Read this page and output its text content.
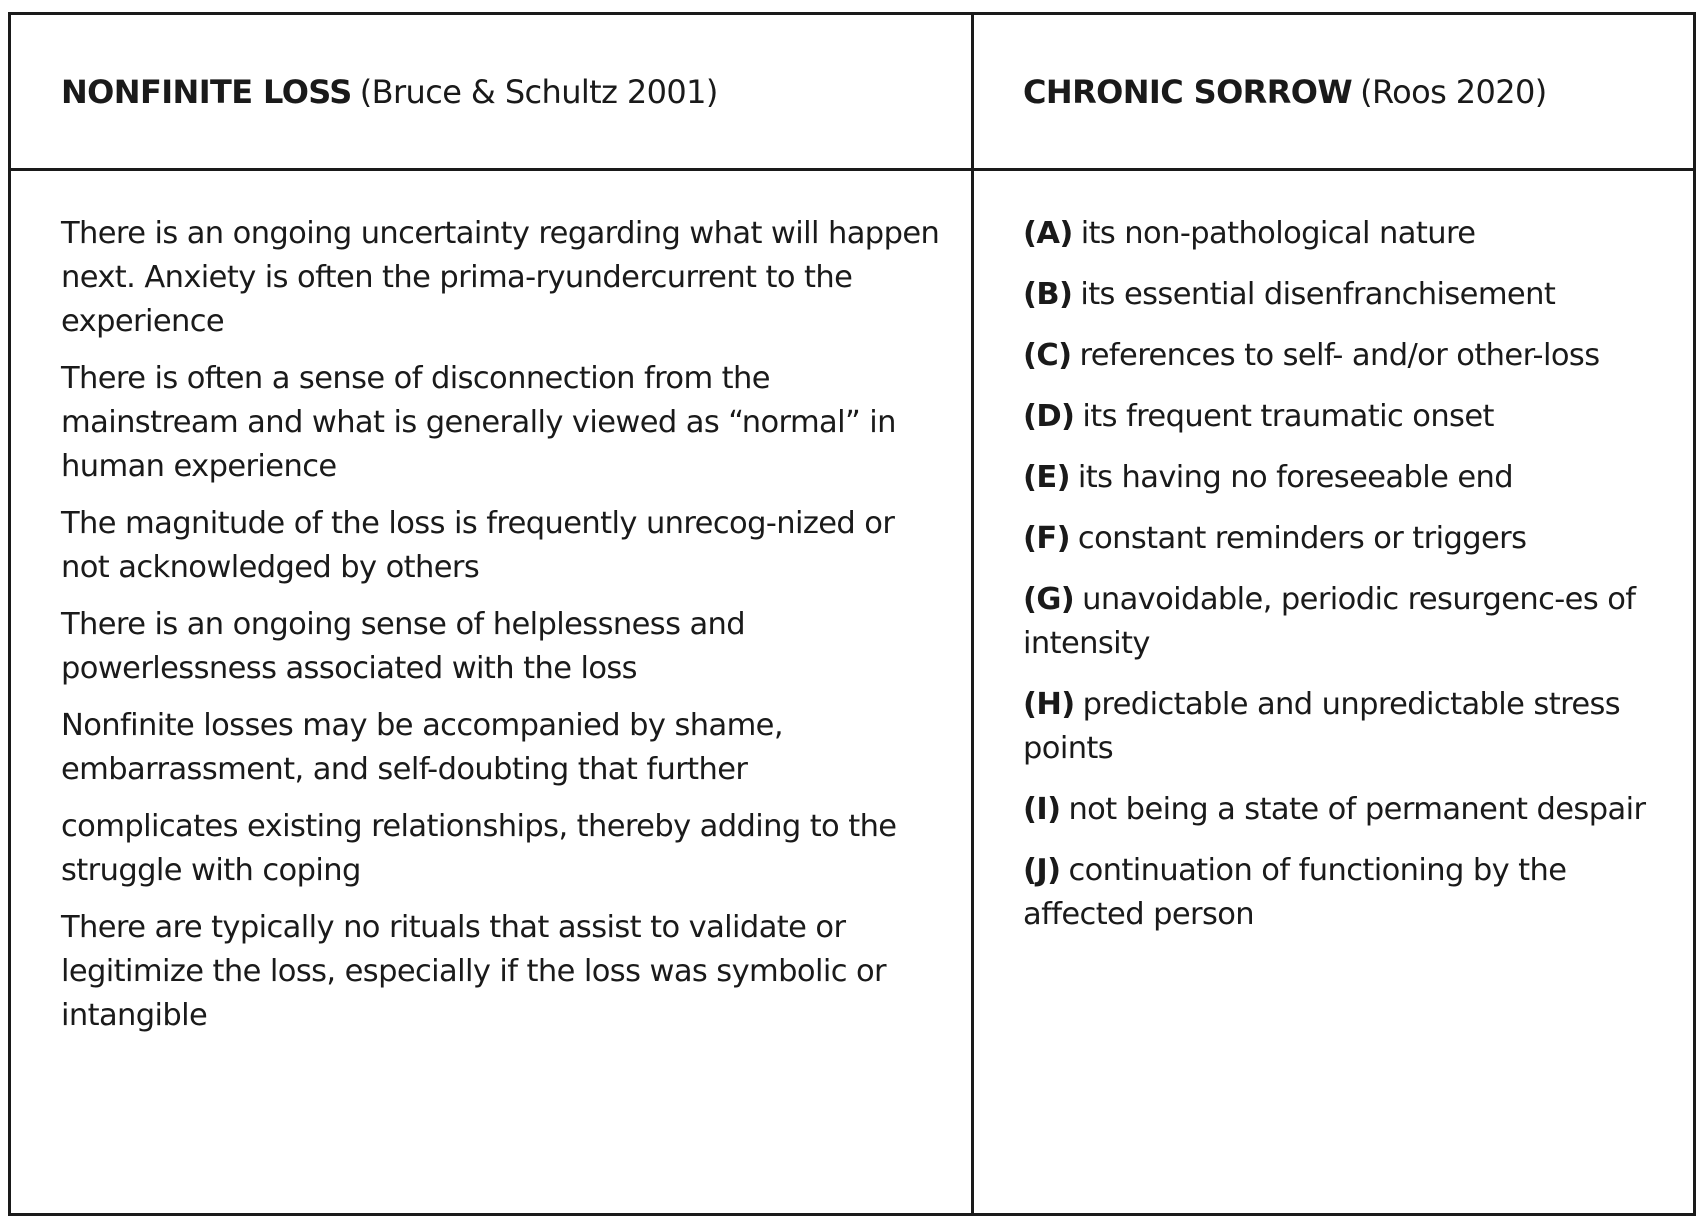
NONFINITE LOSS (Bruce & Schultz 2001)	CHRONIC SORROW (Roos 2020)
There is an ongoing uncertainty regarding what will happen next. Anxiety is often the prima-ryundercurrent to the experience
There is often a sense of disconnection from the mainstream and what is generally viewed as “normal” in human experience
The magnitude of the loss is frequently unrecog-nized or not acknowledged by others
There is an ongoing sense of helplessness and powerlessness associated with the loss
Nonfinite losses may be accompanied by shame, embarrassment, and self-doubting that further
complicates existing relationships, thereby adding to the struggle with coping
There are typically no rituals that assist to validate or legitimize the loss, especially if the loss was symbolic or intangible
(A) its non-pathological nature
(B) its essential disenfranchisement
(C) references to self- and/or other-loss
(D) its frequent traumatic onset
(E) its having no foreseeable end
(F) constant reminders or triggers
(G) unavoidable, periodic resurgenc-es of intensity
(H) predictable and unpredictable stress points
(I) not being a state of permanent despair
(J) continuation of functioning by the affected person
